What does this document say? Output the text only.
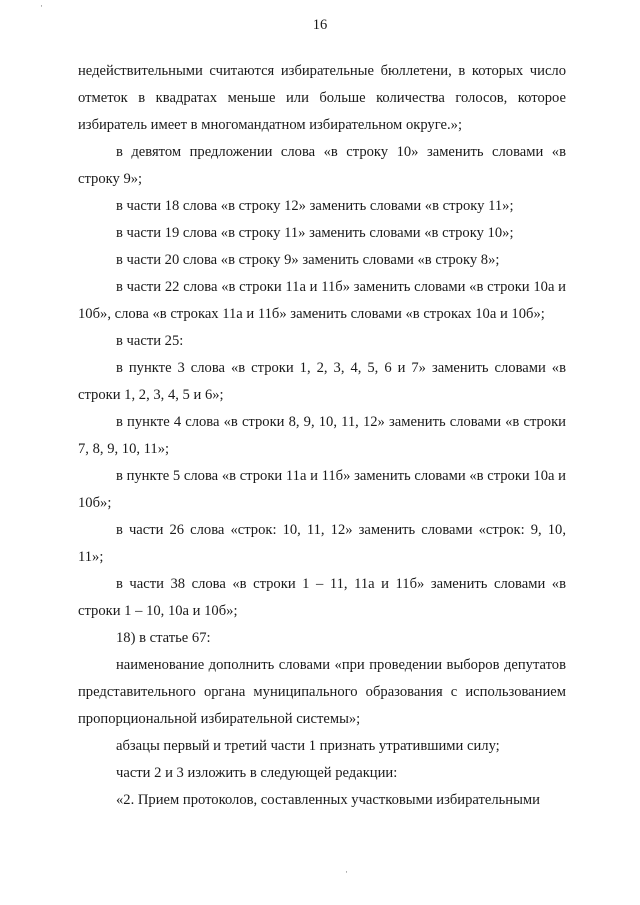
·
16

недействительными считаются избирательные бюллетени, в которых число отметок в квадратах меньше или больше количества голосов, которое избиратель имеет в многомандатном избирательном округе.»;

в девятом предложении слова «в строку 10» заменить словами «в строку 9»;

в части 18 слова «в строку 12» заменить словами «в строку 11»;

в части 19 слова «в строку 11» заменить словами «в строку 10»;

в части 20 слова «в строку 9» заменить словами «в строку 8»;

в части 22 слова «в строки 11а и 11б» заменить словами «в строки 10а и 10б», слова «в строках 11а и 11б» заменить словами «в строках 10а и 10б»;

в части 25:

в пункте 3 слова «в строки 1, 2, 3, 4, 5, 6 и 7» заменить словами «в строки 1, 2, 3, 4, 5 и 6»;

в пункте 4 слова «в строки 8, 9, 10, 11, 12» заменить словами «в строки 7, 8, 9, 10, 11»;

в пункте 5 слова «в строки 11а и 11б» заменить словами «в строки 10а и 10б»;

в части 26 слова «строк: 10, 11, 12» заменить словами «строк: 9, 10, 11»;

в части 38 слова «в строки 1 – 11, 11а и 11б» заменить словами «в строки 1 – 10, 10а и 10б»;

18) в статье 67:

наименование дополнить словами «при проведении выборов депутатов представительного органа муниципального образования с использованием пропорциональной избирательной системы»;

абзацы первый и третий части 1 признать утратившими силу;

части 2 и 3 изложить в следующей редакции:

«2. Прием протоколов, составленных участковыми избирательными

·
